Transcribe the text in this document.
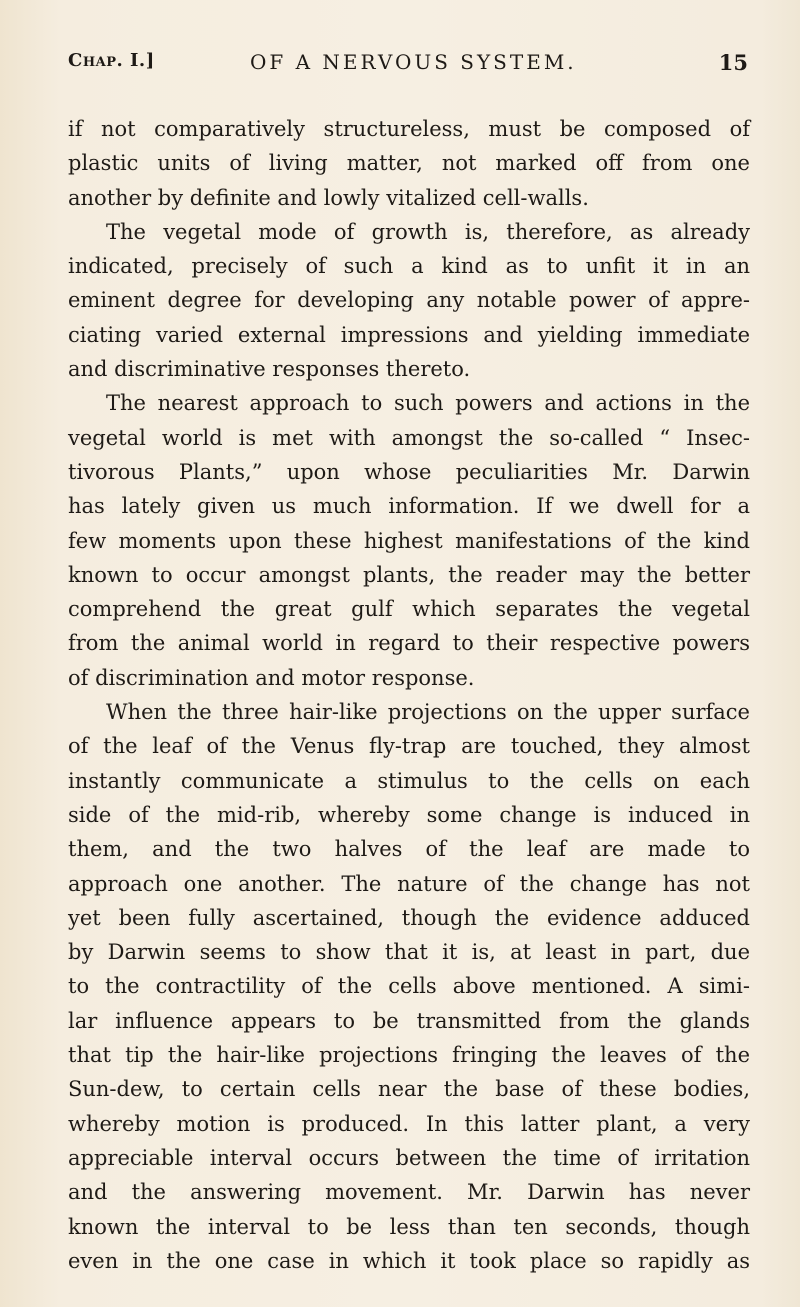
Chap. I.]	OF A NERVOUS SYSTEM.	15
if not comparatively structureless, must be composed of
plastic units of living matter, not marked off from one
another by definite and lowly vitalized cell-walls.
The vegetal mode of growth is, therefore, as already
indicated, precisely of such a kind as to unfit it in an
eminent degree for developing any notable power of appre-
ciating varied external impressions and yielding immediate
and discriminative responses thereto.
The nearest approach to such powers and actions in the
vegetal world is met with amongst the so-called “ Insec-
tivorous Plants,” upon whose peculiarities Mr. Darwin
has lately given us much information. If we dwell for a
few moments upon these highest manifestations of the kind
known to occur amongst plants, the reader may the better
comprehend the great gulf which separates the vegetal
from the animal world in regard to their respective powers
of discrimination and motor response.
When the three hair-like projections on the upper surface
of the leaf of the Venus fly-trap are touched, they almost
instantly communicate a stimulus to the cells on each
side of the mid-rib, whereby some change is induced in
them, and the two halves of the leaf are made to
approach one another. The nature of the change has not
yet been fully ascertained, though the evidence adduced
by Darwin seems to show that it is, at least in part, due
to the contractility of the cells above mentioned. A simi-
lar influence appears to be transmitted from the glands
that tip the hair-like projections fringing the leaves of the
Sun-dew, to certain cells near the base of these bodies,
whereby motion is produced. In this latter plant, a very
appreciable interval occurs between the time of irritation
and the answering movement. Mr. Darwin has never
known the interval to be less than ten seconds, though
even in the one case in which it took place so rapidly as
